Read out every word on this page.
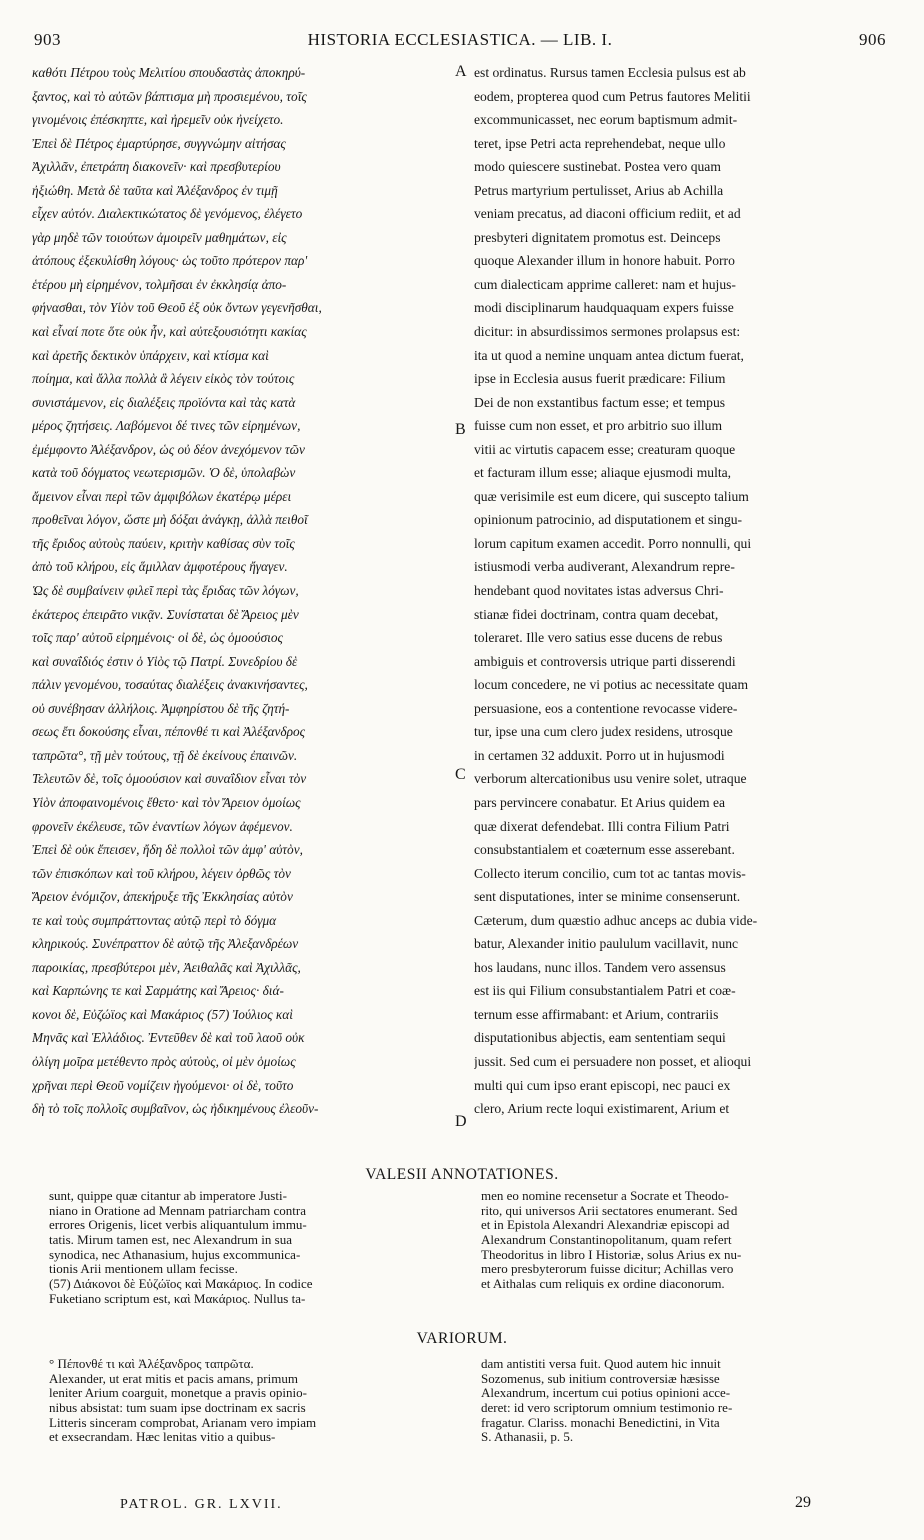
903	HISTORIA ECCLESIASTICA. — LIB. I.	906
καθότι Πέτρου τοὺς Μελιτίου σπουδαστὰς ἀποκηρύ-
ξαντος, καὶ τὸ αὐτῶν βάπτισμα μὴ προσιεμένου, τοῖς
γινομένοις ἐπέσκηπτε, καὶ ἠρεμεῖν οὐκ ἠνείχετο.
Ἐπεὶ δὲ Πέτρος ἐμαρτύρησε, συγγνώμην αἰτήσας
Ἀχιλλᾶν, ἐπετράπη διακονεῖν· καὶ πρεσβυτερίου
ἠξιώθη. Μετὰ δὲ ταῦτα καὶ Ἀλέξανδρος ἐν τιμῇ
εἶχεν αὐτόν. Διαλεκτικώτατος δὲ γενόμενος, ἐλέγετο
γὰρ μηδὲ τῶν τοιούτων ἀμοιρεῖν μαθημάτων, εἰς
ἀτόπους ἐξεκυλίσθη λόγους· ὡς τοῦτο πρότερον παρ'
ἑτέρου μὴ εἰρημένον, τολμῆσαι ἐν ἐκκλησίᾳ ἀπο-
φήνασθαι, τὸν Υἱὸν τοῦ Θεοῦ ἐξ οὐκ ὄντων γεγενῆσθαι,
καὶ εἶναί ποτε ὅτε οὐκ ἦν, καὶ αὐτεξουσιότητι κακίας
καὶ ἀρετῆς δεκτικὸν ὑπάρχειν, καὶ κτίσμα καὶ
ποίημα, καὶ ἄλλα πολλὰ ἃ λέγειν εἰκὸς τὸν τούτοις
συνιστάμενον, εἰς διαλέξεις προϊόντα καὶ τὰς κατὰ
μέρος ζητήσεις. Λαβόμενοι δέ τινες τῶν εἰρημένων,
ἐμέμφοντο Ἀλέξανδρον, ὡς οὐ δέον ἀνεχόμενον τῶν
κατὰ τοῦ δόγματος νεωτερισμῶν. Ὁ δὲ, ὑπολαβὼν
ἄμεινον εἶναι περὶ τῶν ἀμφιβόλων ἑκατέρῳ μέρει
προθεῖναι λόγον, ὥστε μὴ δόξαι ἀνάγκῃ, ἀλλὰ πειθοῖ
τῆς ἔριδος αὐτοὺς παύειν, κριτὴν καθίσας σὺν τοῖς
ἀπὸ τοῦ κλήρου, εἰς ἅμιλλαν ἀμφοτέρους ἤγαγεν.
Ὡς δὲ συμβαίνειν φιλεῖ περὶ τὰς ἔριδας τῶν λόγων,
ἑκάτερος ἐπειρᾶτο νικᾷν. Συνίσταται δὲ Ἄρειος μὲν
τοῖς παρ' αὐτοῦ εἰρημένοις· οἱ δὲ, ὡς ὁμοούσιος
καὶ συναΐδιός ἐστιν ὁ Υἱὸς τῷ Πατρί. Συνεδρίου δὲ
πάλιν γενομένου, τοσαύτας διαλέξεις ἀνακινήσαντες,
οὐ συνέβησαν ἀλλήλοις. Ἀμφηρίστου δὲ τῆς ζητή-
σεως ἔτι δοκούσης εἶναι, πέπονθέ τι καὶ Ἀλέξανδρος
ταπρῶτα°, τῇ μὲν τούτους, τῇ δὲ ἐκείνους ἐπαινῶν.
Τελευτῶν δὲ, τοῖς ὁμοούσιον καὶ συναΐδιον εἶναι τὸν
Υἱὸν ἀποφαινομένοις ἔθετο· καὶ τὸν Ἄρειον ὁμοίως
φρονεῖν ἐκέλευσε, τῶν ἐναντίων λόγων ἀφέμενον.
Ἐπεὶ δὲ οὐκ ἔπεισεν, ἤδη δὲ πολλοὶ τῶν ἀμφ' αὐτὸν,
τῶν ἐπισκόπων καὶ τοῦ κλήρου, λέγειν ὀρθῶς τὸν
Ἄρειον ἐνόμιζον, ἀπεκήρυξε τῆς Ἐκκλησίας αὐτὸν
τε καὶ τοὺς συμπράττοντας αὐτῷ περὶ τὸ δόγμα
κληρικούς. Συνέπραττον δὲ αὐτῷ τῆς Ἀλεξανδρέων
παροικίας, πρεσβύτεροι μὲν, Ἀειθαλᾶς καὶ Ἀχιλλᾶς,
καὶ Καρπώνης τε καὶ Σαρμάτης καὶ Ἄρειος· διά-
κονοι δὲ, Εὐζώϊος καὶ Μακάριος (57) Ἰούλιος καὶ
Μηνᾶς καὶ Ἑλλάδιος. Ἐντεῦθεν δὲ καὶ τοῦ λαοῦ οὐκ
ὀλίγη μοῖρα μετέθεντο πρὸς αὐτοὺς, οἱ μὲν ὁμοίως
χρῆναι περὶ Θεοῦ νομίζειν ἡγούμενοι· οἱ δὲ, τοῦτο
δὴ τὸ τοῖς πολλοῖς συμβαῖνον, ὡς ἠδικημένους ἐλεοῦν-
est ordinatus. Rursus tamen Ecclesia pulsus est ab
eodem, propterea quod cum Petrus fautores Melitii
excommunicasset, nec eorum baptismum admit-
teret, ipse Petri acta reprehendebat, neque ullo
modo quiescere sustinebat. Postea vero quam
Petrus martyrium pertulisset, Arius ab Achilla
veniam precatus, ad diaconi officium rediit, et ad
presbyteri dignitatem promotus est. Deinceps
quoque Alexander illum in honore habuit. Porro
cum dialecticam apprime calleret: nam et hujus-
modi disciplinarum haudquaquam expers fuisse
dicitur: in absurdissimos sermones prolapsus est:
ita ut quod a nemine unquam antea dictum fuerat,
ipse in Ecclesia ausus fuerit prædicare: Filium
Dei de non exstantibus factum esse; et tempus
fuisse cum non esset, et pro arbitrio suo illum
vitii ac virtutis capacem esse; creaturam quoque
et facturam illum esse; aliaque ejusmodi multa,
quæ verisimile est eum dicere, qui suscepto talium
opinionum patrocinio, ad disputationem et singu-
lorum capitum examen accedit. Porro nonnulli, qui
istiusmodi verba audiverant, Alexandrum repre-
hendebant quod novitates istas adversus Chri-
stianæ fidei doctrinam, contra quam decebat,
toleraret. Ille vero satius esse ducens de rebus
ambiguis et controversis utrique parti disserendi
locum concedere, ne vi potius ac necessitate quam
persuasione, eos a contentione revocasse videre-
tur, ipse una cum clero judex residens, utrosque
in certamen 32 adduxit. Porro ut in hujusmodi
verborum altercationibus usu venire solet, utraque
pars pervincere conabatur. Et Arius quidem ea
quæ dixerat defendebat. Illi contra Filium Patri
consubstantialem et coæternum esse asserebant.
Collecto iterum concilio, cum tot ac tantas movis-
sent disputationes, inter se minime consenserunt.
Cæterum, dum quæstio adhuc anceps ac dubia vide-
batur, Alexander initio paululum vacillavit, nunc
hos laudans, nunc illos. Tandem vero assensus
est iis qui Filium consubstantialem Patri et coæ-
ternum esse affirmabant: et Arium, contrariis
disputationibus abjectis, eam sententiam sequi
jussit. Sed cum ei persuadere non posset, et alioqui
multi qui cum ipso erant episcopi, nec pauci ex
clero, Arium recte loqui existimarent, Arium et
A
B
C
D
VALESII ANNOTATIONES.
sunt, quippe quæ citantur ab imperatore Justi-
niano in Oratione ad Mennam patriarcham contra
errores Origenis, licet verbis aliquantulum immu-
tatis. Mirum tamen est, nec Alexandrum in sua
synodica, nec Athanasium, hujus excommunica-
tionis Arii mentionem ullam fecisse.
(57) Διάκονοι δὲ Εὐζώϊος καὶ Μακάριος. In codice
Fuketiano scriptum est, καὶ Μακάριος. Nullus ta-
men eo nomine recensetur a Socrate et Theodo-
rito, qui universos Arii sectatores enumerant. Sed
et in Epistola Alexandri Alexandriæ episcopi ad
Alexandrum Constantinopolitanum, quam refert
Theodoritus in libro I Historiæ, solus Arius ex nu-
mero presbyterorum fuisse dicitur; Achillas vero
et Aithalas cum reliquis ex ordine diaconorum.
VARIORUM.
° Πέπονθέ τι καὶ Ἀλέξανδρος ταπρῶτα.
Alexander, ut erat mitis et pacis amans, primum
leniter Arium coarguit, monetque a pravis opinio-
nibus absistat: tum suam ipse doctrinam ex sacris
Litteris sinceram comprobat, Arianam vero impiam
et exsecrandam. Hæc lenitas vitio a quibus-
dam antistiti versa fuit. Quod autem hic innuit
Sozomenus, sub initium controversiæ hæsisse
Alexandrum, incertum cui potius opinioni acce-
deret: id vero scriptorum omnium testimonio re-
fragatur. Clariss. monachi Benedictini, in Vita
S. Athanasii, p. 5.
PATROL. GR. LXVII.	29
